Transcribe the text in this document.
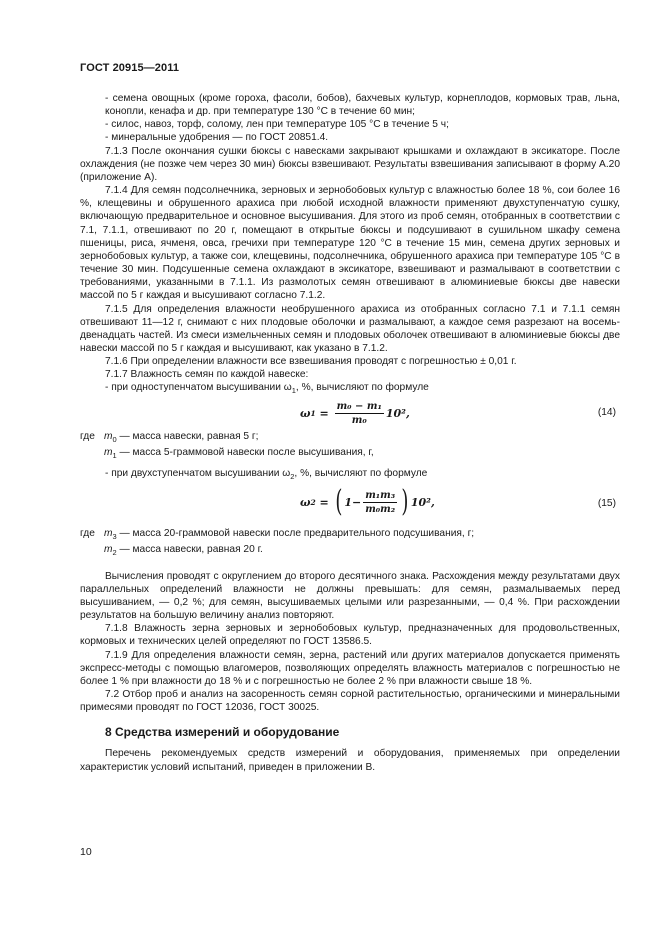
ГОСТ 20915—2011

- семена овощных (кроме гороха, фасоли, бобов), бахчевых культур, корнеплодов, кормовых трав, льна, конопли, кенафа и др. при температуре 130 °С в течение 60 мин;

- силос, навоз, торф, солому, лен при температуре 105 °С в течение 5 ч;

- минеральные удобрения — по ГОСТ 20851.4.

7.1.3 После окончания сушки бюксы с навесками закрывают крышками и охлаждают в эксикаторе. После охлаждения (не позже чем через 30 мин) бюксы взвешивают. Результаты взвешивания записывают в форму А.20 (приложение А).

7.1.4 Для семян подсолнечника, зерновых и зернобобовых культур с влажностью более 18 %, сои более 16 %, клещевины и обрушенного арахиса при любой исходной влажности применяют двухступенчатую сушку, включающую предварительное и основное высушивания. Для этого из проб семян, отобранных в соответствии с 7.1, 7.1.1, отвешивают по 20 г, помещают в открытые бюксы и подсушивают в сушильном шкафу семена пшеницы, риса, ячменя, овса, гречихи при температуре 120 °С в течение 15 мин, семена других зерновых и зернобобовых культур, а также сои, клещевины, подсолнечника, обрушенного арахиса при температуре 105 °С в течение 30 мин. Подсушенные семена охлаждают в эксикаторе, взвешивают и размалывают в соответствии с требованиями, указанными в 7.1.1. Из размолотых семян отвешивают в алюминиевые бюксы две навески массой по 5 г каждая и высушивают согласно 7.1.2.

7.1.5 Для определения влажности необрушенного арахиса из отобранных согласно 7.1 и 7.1.1 семян отвешивают 11—12 г, снимают с них плодовые оболочки и размалывают, а каждое семя разрезают на восемь-двенадцать частей. Из смеси измельченных семян и плодовых оболочек отвешивают в алюминиевые бюксы две навески массой по 5 г каждая и высушивают, как указано в 7.1.2.

7.1.6 При определении влажности все взвешивания проводят с погрешностью ± 0,01 г.

7.1.7 Влажность семян по каждой навеске:

- при одноступенчатом высушивании $\omega_1$, %, вычисляют по формуле

ω $1 = \frac{\text{m₀ − m₁}}{\text{m₀}} 10^2$,	(14)
где $m_0$ — масса навески, равная 5 г;
$m_1$ — масса 5-граммовой навески после высушивания, г,

- при двухступенчатом высушивании $\omega_2$, %, вычисляют по формуле

ω 2 = ( $1- \frac{\text{m₁m₃}}{\text{m₀m₂}}$ ) 10²,	(15)
где $m_3$ — масса 20-граммовой навески после предварительного подсушивания, г;
$m_2$ — масса навески, равная 20 г.

Вычисления проводят с округлением до второго десятичного знака. Расхождения между результатами двух параллельных определений влажности не должны превышать: для семян, размалываемых перед высушиванием, — 0,2 %; для семян, высушиваемых целыми или разрезанными, — 0,4 %. При расхождении результатов на большую величину анализ повторяют.

7.1.8 Влажность зерна зерновых и зернобобовых культур, предназначенных для продовольственных, кормовых и технических целей определяют по ГОСТ 13586.5.

7.1.9 Для определения влажности семян, зерна, растений или других материалов допускается применять экспресс-методы с помощью влагомеров, позволяющих определять влажность материалов с погрешностью не более 1 % при влажности до 18 % и с погрешностью не более 2 % при влажности свыше 18 %.

7.2 Отбор проб и анализ на засоренность семян сорной растительностью, органическими и минеральными примесями проводят по ГОСТ 12036, ГОСТ 30025.

8 Средства измерений и оборудование

Перечень рекомендуемых средств измерений и оборудования, применяемых при определении характеристик условий испытаний, приведен в приложении В.

10
